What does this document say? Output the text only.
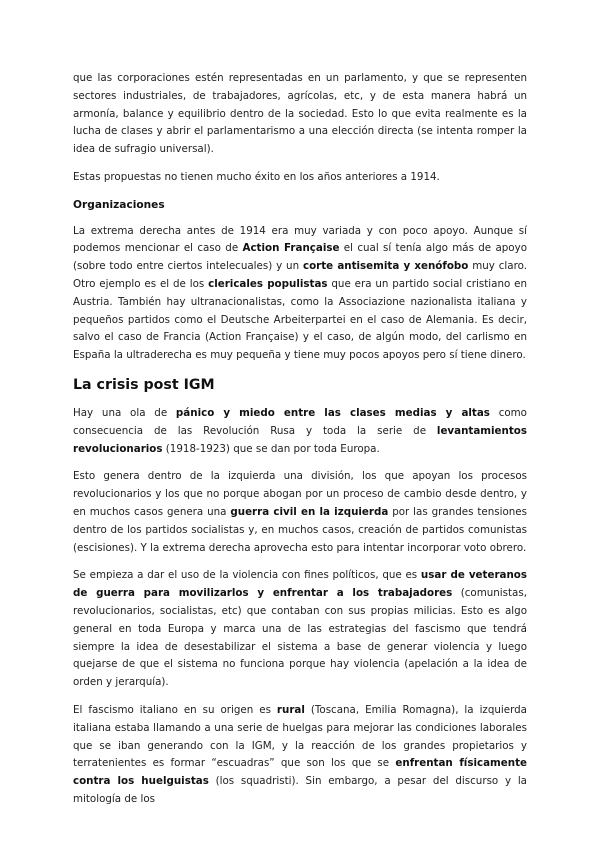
que las corporaciones estén representadas en un parlamento, y que se representen sectores industriales, de trabajadores, agrícolas, etc, y de esta manera habrá un armonía, balance y equilibrio dentro de la sociedad. Esto lo que evita realmente es la lucha de clases y abrir el parlamentarismo a una elección directa (se intenta romper la idea de sufragio universal).

Estas propuestas no tienen mucho éxito en los años anteriores a 1914.

Organizaciones

La extrema derecha antes de 1914 era muy variada y con poco apoyo. Aunque sí podemos mencionar el caso de Action Française el cual sí tenía algo más de apoyo (sobre todo entre ciertos intelecuales) y un corte antisemita y xenófobo muy claro. Otro ejemplo es el de los clericales populistas que era un partido social cristiano en Austria. También hay ultranacionalistas, como la Associazione nazionalista italiana y pequeños partidos como el Deutsche Arbeiterpartei en el caso de Alemania. Es decir, salvo el caso de Francia (Action Française) y el caso, de algún modo, del carlismo en España la ultraderecha es muy pequeña y tiene muy pocos apoyos pero sí tiene dinero.

La crisis post IGM

Hay una ola de pánico y miedo entre las clases medias y altas como consecuencia de las Revolución Rusa y toda la serie de levantamientos revolucionarios (1918-1923) que se dan por toda Europa.

Esto genera dentro de la izquierda una división, los que apoyan los procesos revolucionarios y los que no porque abogan por un proceso de cambio desde dentro, y en muchos casos genera una guerra civil en la izquierda por las grandes tensiones dentro de los partidos socialistas y, en muchos casos, creación de partidos comunistas (escisiones). Y la extrema derecha aprovecha esto para intentar incorporar voto obrero.

Se empieza a dar el uso de la violencia con fines políticos, que es usar de veteranos de guerra para movilizarlos y enfrentar a los trabajadores (comunistas, revolucionarios, socialistas, etc) que contaban con sus propias milicias. Esto es algo general en toda Europa y marca una de las estrategias del fascismo que tendrá siempre la idea de desestabilizar el sistema a base de generar violencia y luego quejarse de que el sistema no funciona porque hay violencia (apelación a la idea de orden y jerarquía).

El fascismo italiano en su origen es rural (Toscana, Emilia Romagna), la izquierda italiana estaba llamando a una serie de huelgas para mejorar las condiciones laborales que se iban generando con la IGM, y la reacción de los grandes propietarios y terratenientes es formar “escuadras” que son los que se enfrentan físicamente contra los huelguistas (los squadristi). Sin embargo, a pesar del discurso y la mitología de los
